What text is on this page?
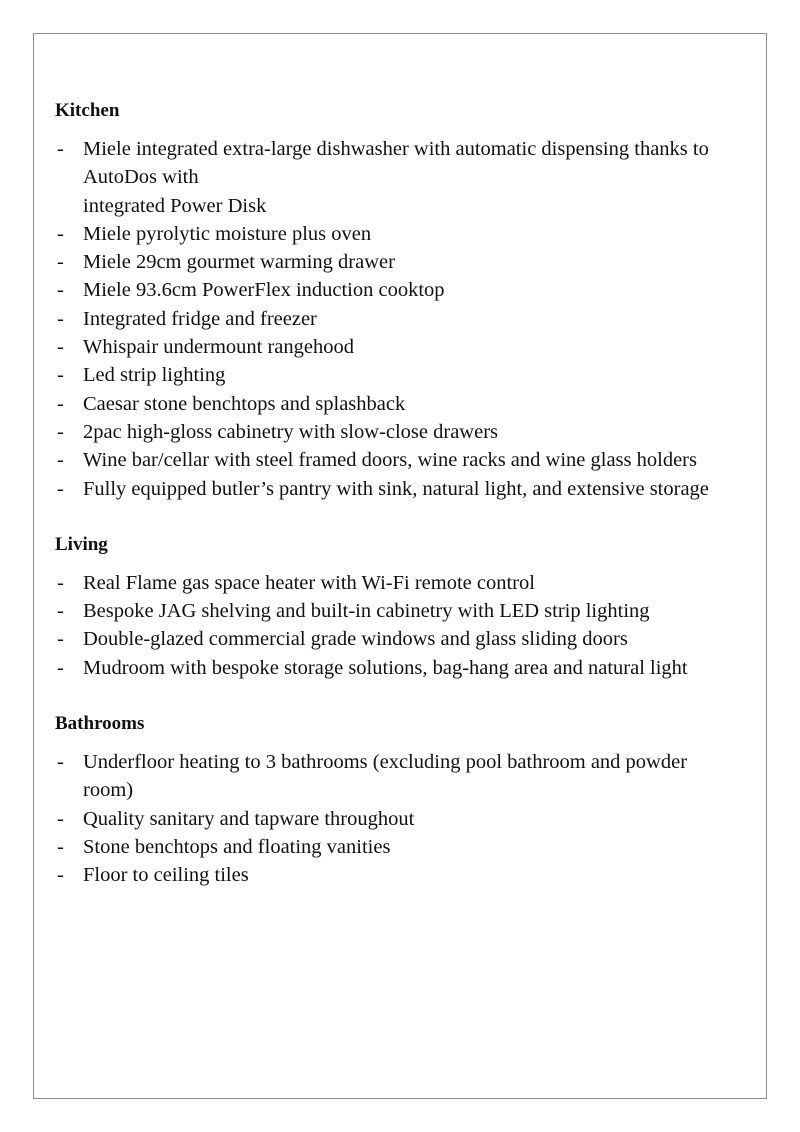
Kitchen
- Miele integrated extra-large dishwasher with automatic dispensing thanks to AutoDos with
integrated Power Disk
- Miele pyrolytic moisture plus oven
- Miele 29cm gourmet warming drawer
- Miele 93.6cm PowerFlex induction cooktop
- Integrated fridge and freezer
- Whispair undermount rangehood
- Led strip lighting
- Caesar stone benchtops and splashback
- 2pac high-gloss cabinetry with slow-close drawers
- Wine bar/cellar with steel framed doors, wine racks and wine glass holders
- Fully equipped butler’s pantry with sink, natural light, and extensive storage
Living
- Real Flame gas space heater with Wi-Fi remote control
- Bespoke JAG shelving and built-in cabinetry with LED strip lighting
- Double-glazed commercial grade windows and glass sliding doors
- Mudroom with bespoke storage solutions, bag-hang area and natural light
Bathrooms
- Underfloor heating to 3 bathrooms (excluding pool bathroom and powder room)
- Quality sanitary and tapware throughout
- Stone benchtops and floating vanities
- Floor to ceiling tiles
